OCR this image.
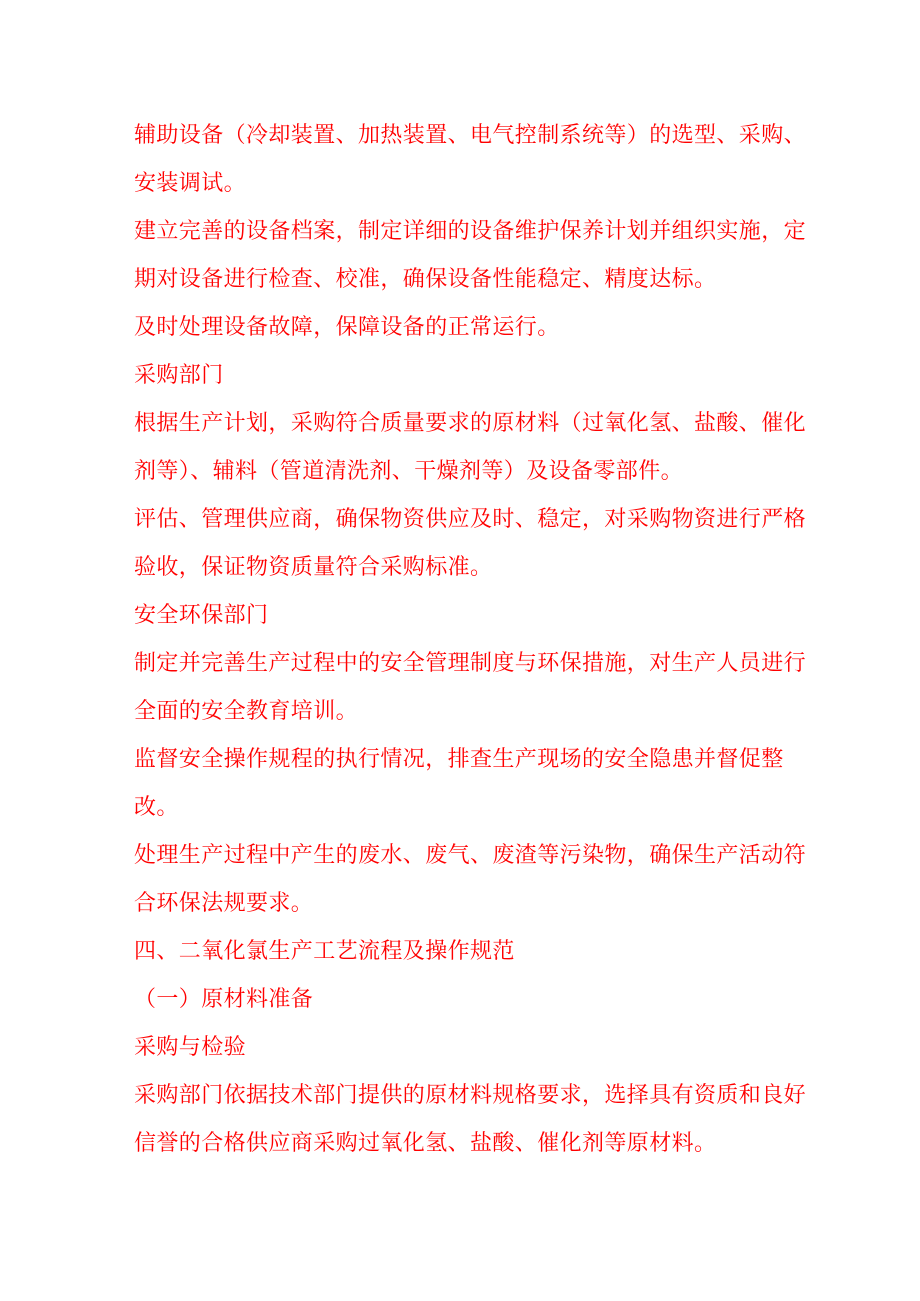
辅助设备（冷却装置、加热装置、电气控制系统等）的选型、采购、安装调试。

建立完善的设备档案，制定详细的设备维护保养计划并组织实施，定期对设备进行检查、校准，确保设备性能稳定、精度达标。

及时处理设备故障，保障设备的正常运行。

采购部门

根据生产计划，采购符合质量要求的原材料（过氧化氢、盐酸、催化剂等）、辅料（管道清洗剂、干燥剂等）及设备零部件。

评估、管理供应商，确保物资供应及时、稳定，对采购物资进行严格验收，保证物资质量符合采购标准。

安全环保部门

制定并完善生产过程中的安全管理制度与环保措施，对生产人员进行全面的安全教育培训。

监督安全操作规程的执行情况，排查生产现场的安全隐患并督促整改。

处理生产过程中产生的废水、废气、废渣等污染物，确保生产活动符合环保法规要求。

四、二氧化氯生产工艺流程及操作规范

（一）原材料准备

采购与检验

采购部门依据技术部门提供的原材料规格要求，选择具有资质和良好信誉的合格供应商采购过氧化氢、盐酸、催化剂等原材料。
